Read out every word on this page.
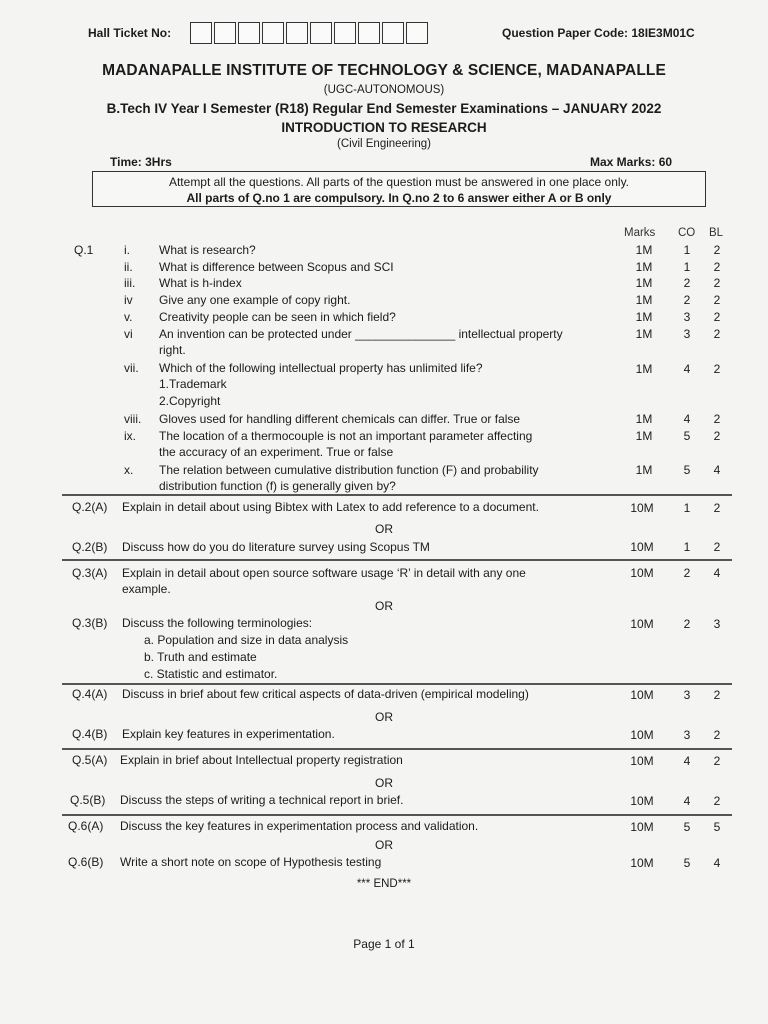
Hall Ticket No:	Question Paper Code: 18IE3M01C
MADANAPALLE INSTITUTE OF TECHNOLOGY & SCIENCE, MADANAPALLE
(UGC-AUTONOMOUS)
B.Tech IV Year I Semester (R18) Regular End Semester Examinations – JANUARY 2022
INTRODUCTION TO RESEARCH
(Civil Engineering)
Time: 3Hrs	Max Marks: 60
Attempt all the questions. All parts of the question must be answered in one place only.
All parts of Q.no 1 are compulsory. In Q.no 2 to 6 answer either A or B only
Marks CO BL
Q.1	i. What is research?	1M	1	2
ii. What is difference between Scopus and SCI	1M	1	2
iii. What is h-index	1M	2	2
iv Give any one example of copy right.	1M	2	2
v. Creativity people can be seen in which field?	1M	3	2
vi An invention can be protected under _______________ intellectual property
right.
1M	3	2
vii. Which of the following intellectual property has unlimited life?
1.Trademark
2.Copyright
1M	4	2
viii. Gloves used for handling different chemicals can differ. True or false	1M	4	2
ix. The location of a thermocouple is not an important parameter affecting
the accuracy of an experiment. True or false
1M	5	2
x. The relation between cumulative distribution function (F) and probability
distribution function (f) is generally given by?
1M	5	4
Q.2(A) Explain in detail about using Bibtex with Latex to add reference to a document.	10M	1	2
OR
Q.2(B) Discuss how do you do literature survey using Scopus TM	10M	1	2
Q.3(A) Explain in detail about open source software usage ‘R’ in detail with any one
example.
10M	2	4
OR
Q.3(B) Discuss the following terminologies:
a. Population and size in data analysis
b. Truth and estimate
c. Statistic and estimator.
10M	2	3
Q.4(A) Discuss in brief about few critical aspects of data-driven (empirical modeling)	10M	3	2
OR
Q.4(B) Explain key features in experimentation.	10M	3	2
Q.5(A) Explain in brief about Intellectual property registration	10M	4	2
OR
Q.5(B) Discuss the steps of writing a technical report in brief.	10M	4	2
Q.6(A) Discuss the key features in experimentation process and validation.	10M	5	5
OR
Q.6(B) Write a short note on scope of Hypothesis testing	10M	5	4
*** END***
Page 1 of 1
